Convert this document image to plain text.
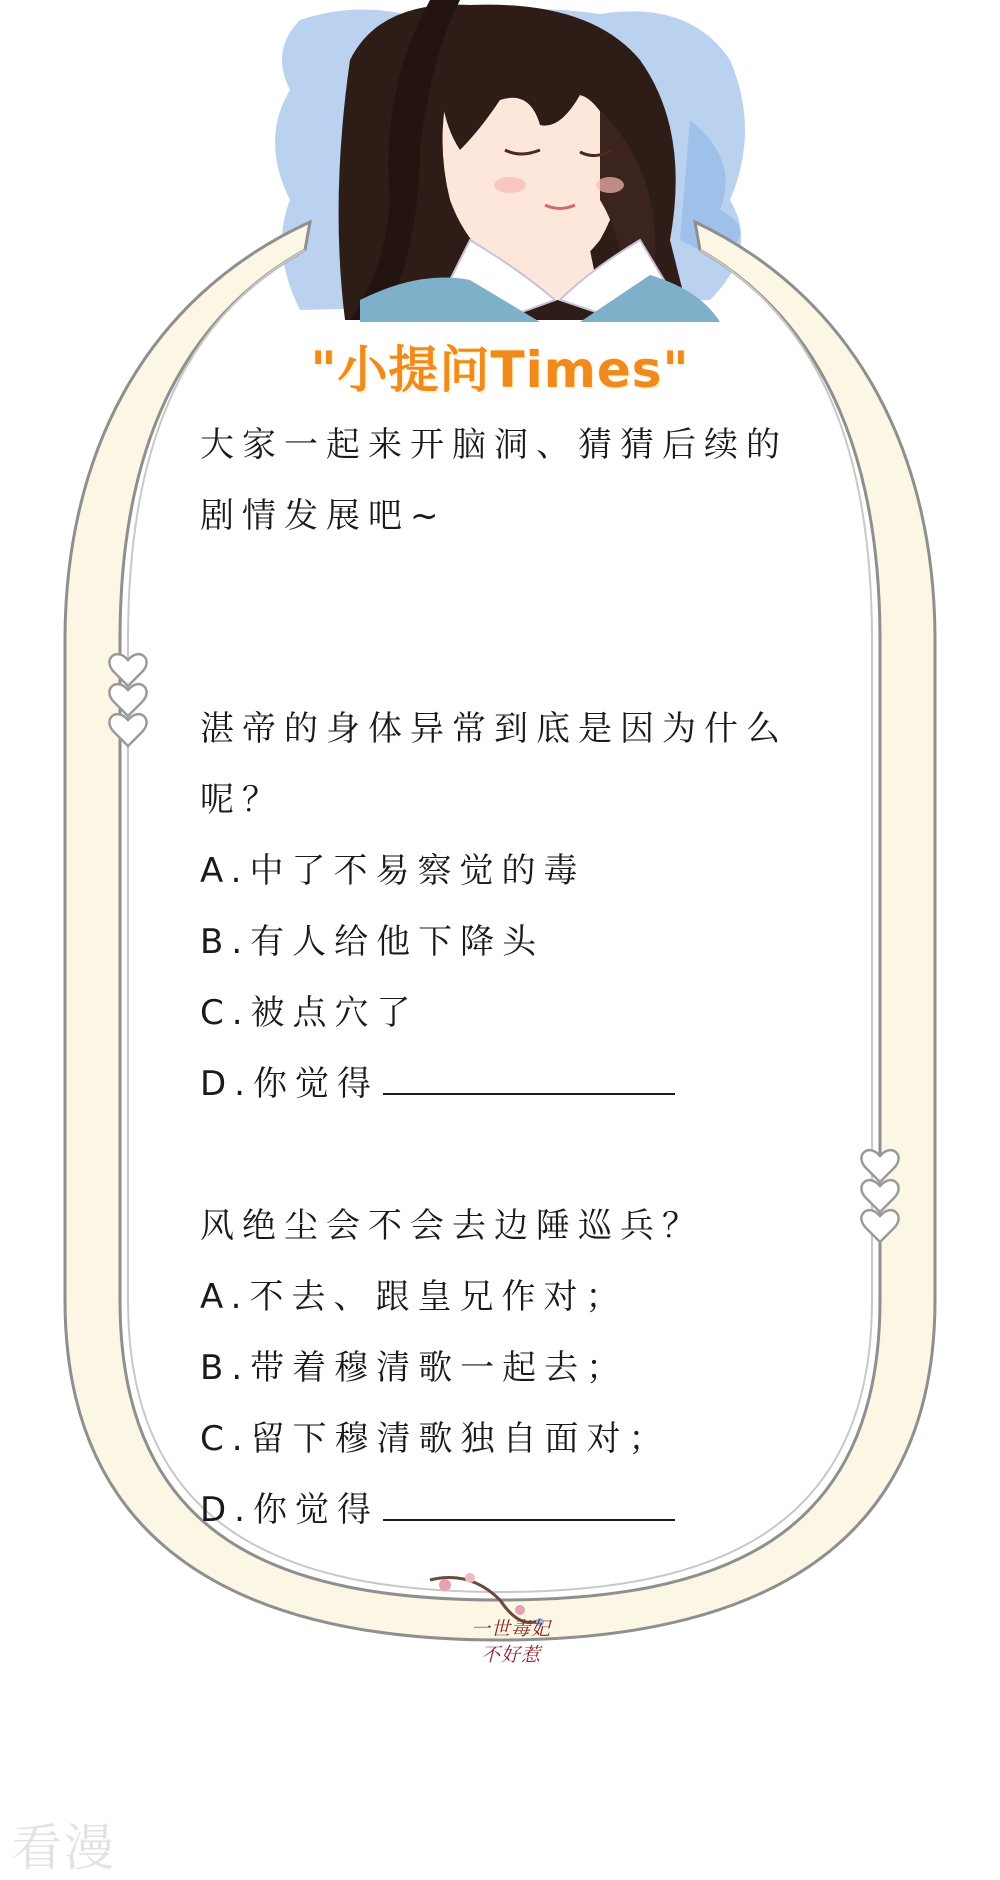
"小提问Times"

大家一起来开脑洞、猜猜后续的

剧情发展吧~

湛帝的身体异常到底是因为什么

呢？

A.中了不易察觉的毒

B.有人给他下降头

C.被点穴了

D.你觉得

风绝尘会不会去边陲巡兵？

A.不去、跟皇兄作对；

B.带着穆清歌一起去；

C.留下穆清歌独自面对；

D.你觉得

一世毒妃
不好惹
看漫
